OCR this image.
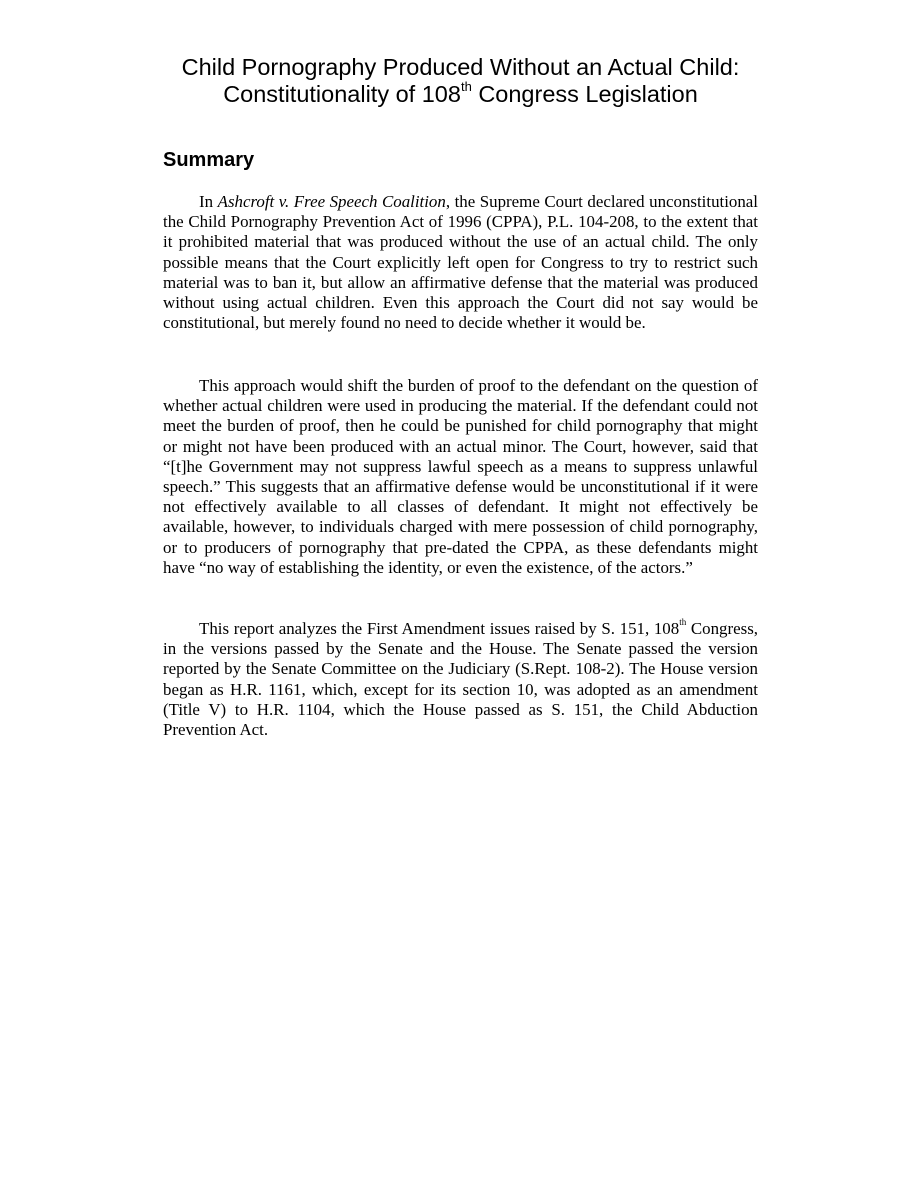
Child Pornography Produced Without an Actual Child:
Constitutionality of 108th Congress Legislation
Summary

In Ashcroft v. Free Speech Coalition, the Supreme Court declared unconstitutional the Child Pornography Prevention Act of 1996 (CPPA), P.L. 104-208, to the extent that it prohibited material that was produced without the use of an actual child. The only possible means that the Court explicitly left open for Congress to try to restrict such material was to ban it, but allow an affirmative defense that the material was produced without using actual children. Even this approach the Court did not say would be constitutional, but merely found no need to decide whether it would be.

This approach would shift the burden of proof to the defendant on the question of whether actual children were used in producing the material. If the defendant could not meet the burden of proof, then he could be punished for child pornography that might or might not have been produced with an actual minor. The Court, however, said that “[t]he Government may not suppress lawful speech as a means to suppress unlawful speech.” This suggests that an affirmative defense would be unconstitutional if it were not effectively available to all classes of defendant. It might not effectively be available, however, to individuals charged with mere possession of child pornography, or to producers of pornography that pre-dated the CPPA, as these defendants might have “no way of establishing the identity, or even the existence, of the actors.”

This report analyzes the First Amendment issues raised by S. 151, 108th Congress, in the versions passed by the Senate and the House. The Senate passed the version reported by the Senate Committee on the Judiciary (S.Rept. 108-2). The House version began as H.R. 1161, which, except for its section 10, was adopted as an amendment (Title V) to H.R. 1104, which the House passed as S. 151, the Child Abduction Prevention Act.
